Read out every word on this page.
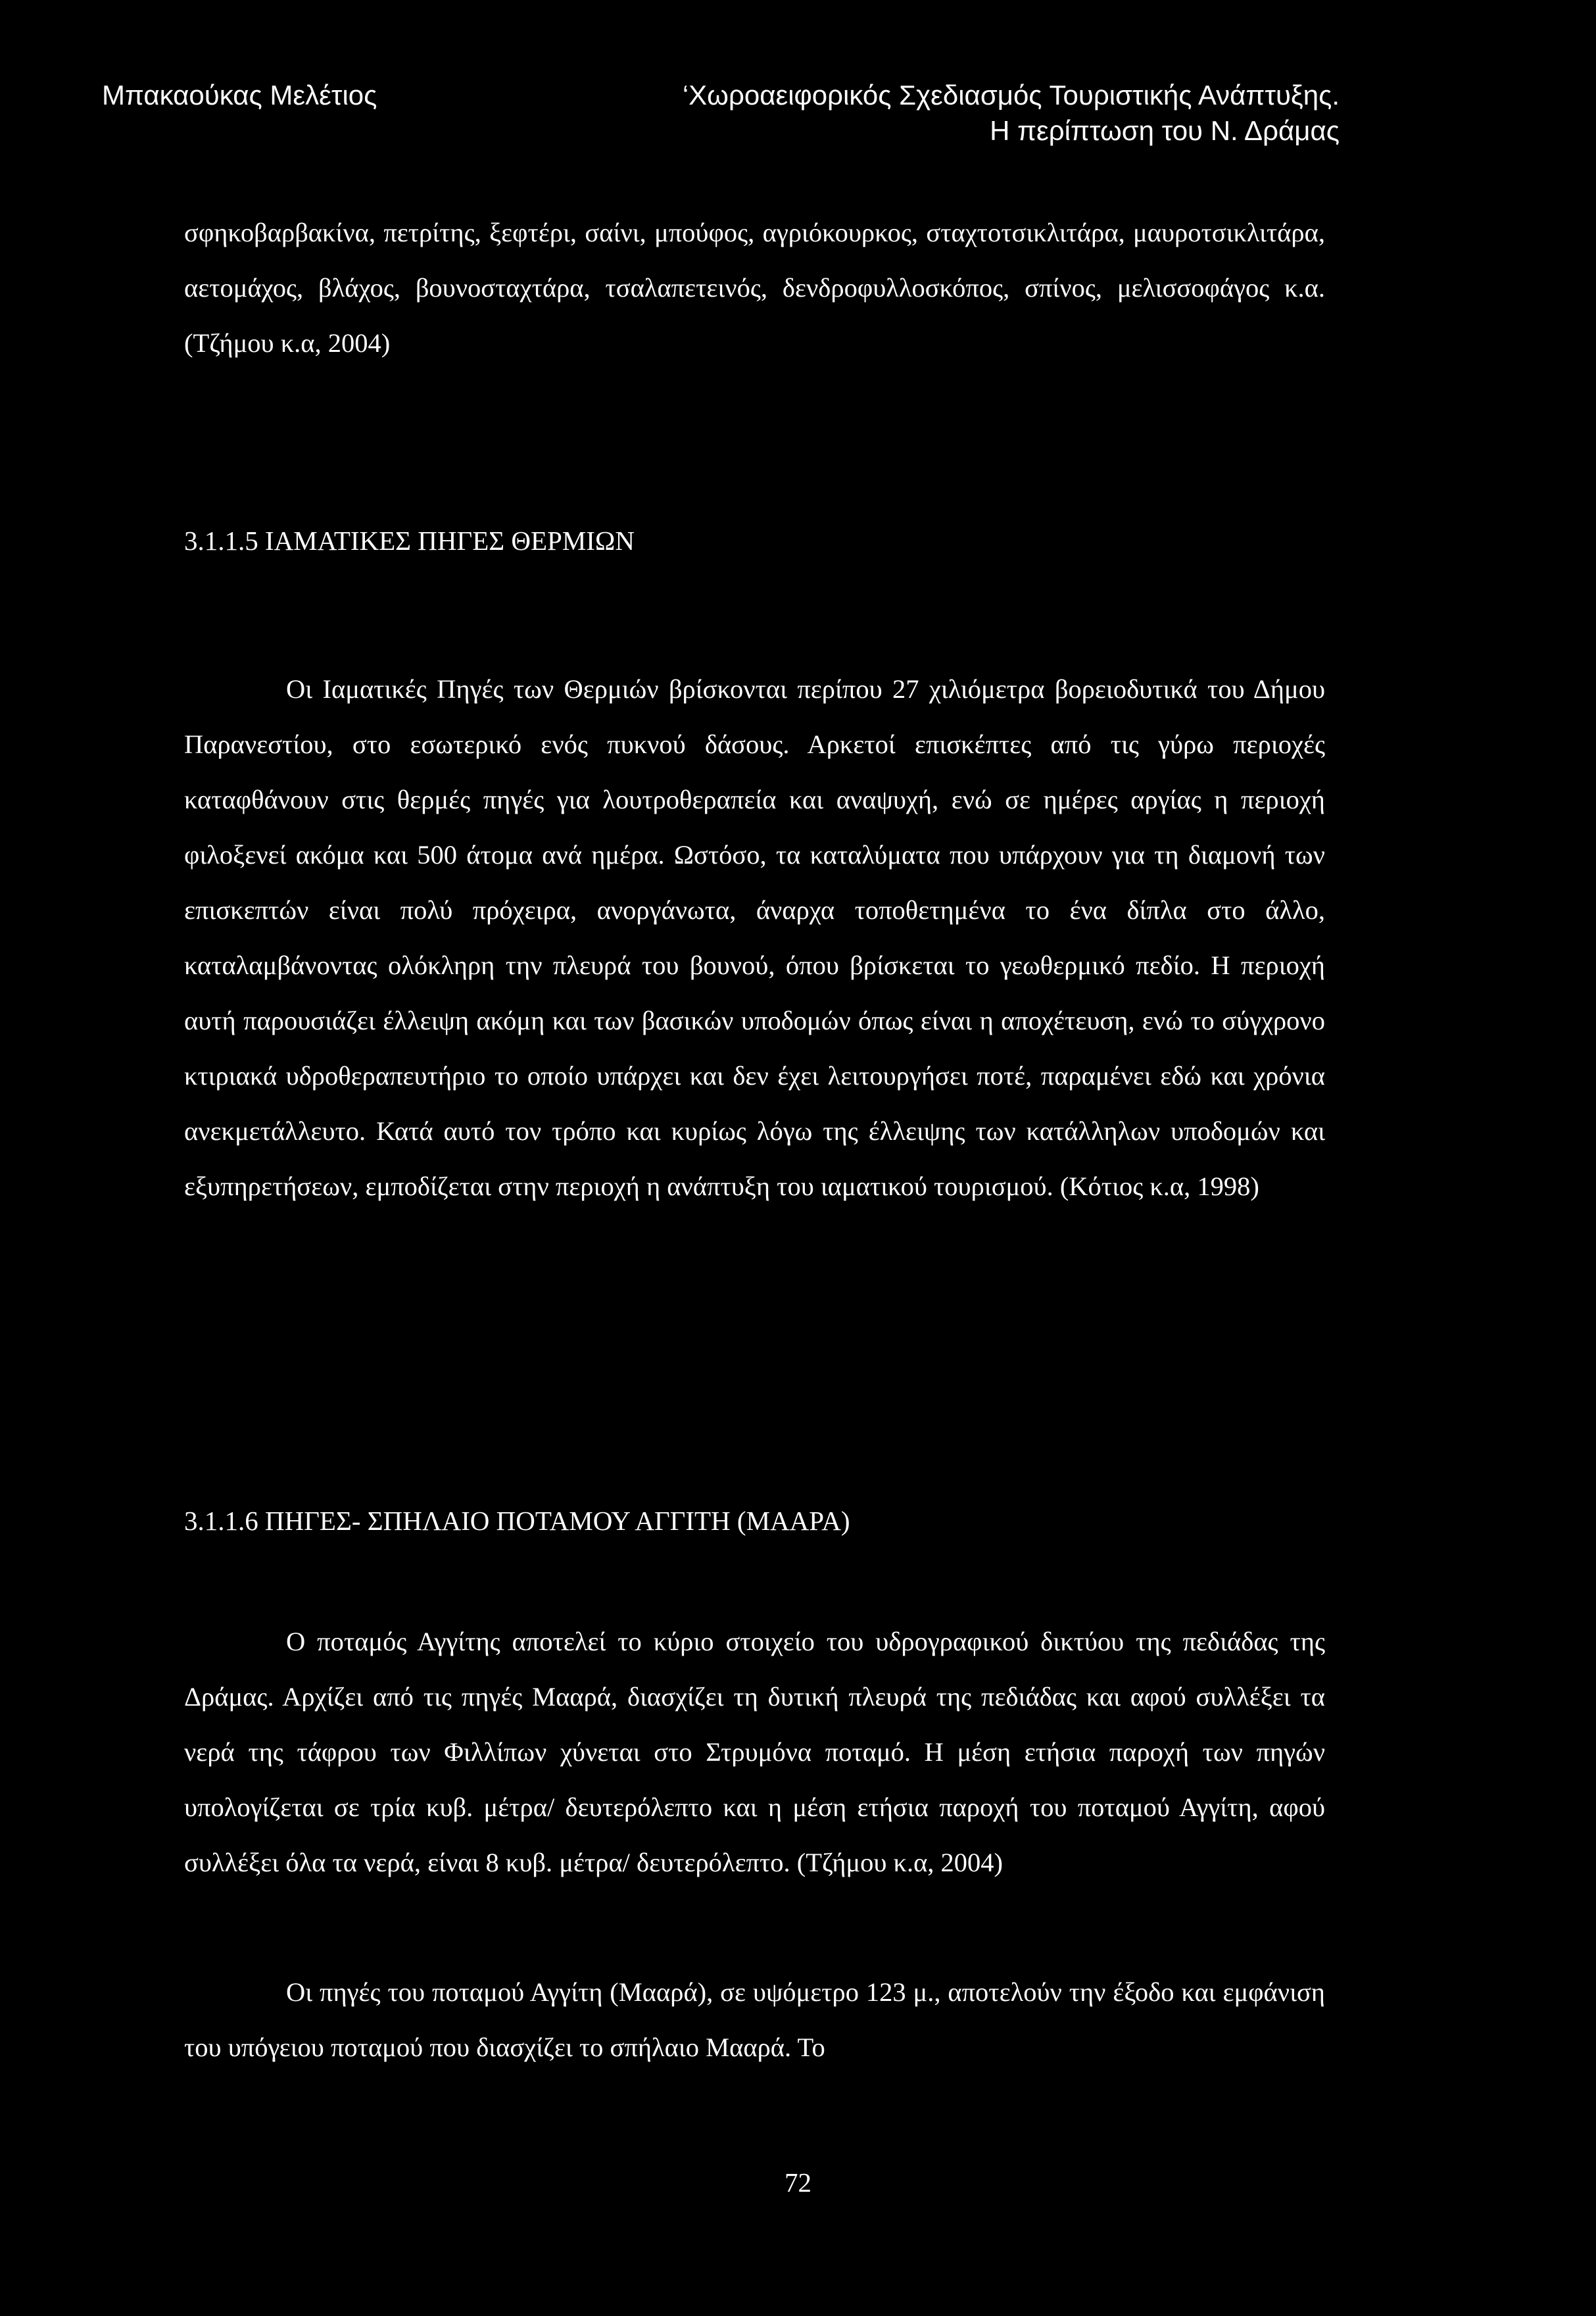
Μπακαούκας Μελέτιος	‘Χωροαειφορικός Σχεδιασμός Τουριστικής Ανάπτυξης.
Η περίπτωση του Ν. Δράμας

σφηκοβαρβακίνα, πετρίτης, ξεφτέρι, σαίνι, μπούφος, αγριόκουρκος, σταχτοτσικλιτάρα, μαυροτσικλιτάρα, αετομάχος, βλάχος, βουνοσταχτάρα, τσαλαπετεινός, δενδροφυλλοσκόπος, σπίνος, μελισσοφάγος κ.α. (Τζήμου κ.α, 2004)

3.1.1.5 ΙΑΜΑΤΙΚΕΣ ΠΗΓΕΣ ΘΕΡΜΙΩΝ

Οι Ιαματικές Πηγές των Θερμιών βρίσκονται περίπου 27 χιλιόμετρα βορειοδυτικά του Δήμου Παρανεστίου, στο εσωτερικό ενός πυκνού δάσους. Αρκετοί επισκέπτες από τις γύρω περιοχές καταφθάνουν στις θερμές πηγές για λουτροθεραπεία και αναψυχή, ενώ σε ημέρες αργίας η περιοχή φιλοξενεί ακόμα και 500 άτομα ανά ημέρα. Ωστόσο, τα καταλύματα που υπάρχουν για τη διαμονή των επισκεπτών είναι πολύ πρόχειρα, ανοργάνωτα, άναρχα τοποθετημένα το ένα δίπλα στο άλλο, καταλαμβάνοντας ολόκληρη την πλευρά του βουνού, όπου βρίσκεται το γεωθερμικό πεδίο. Η περιοχή αυτή παρουσιάζει έλλειψη ακόμη και των βασικών υποδομών όπως είναι η αποχέτευση, ενώ το σύγχρονο κτιριακά υδροθεραπευτήριο το οποίο υπάρχει και δεν έχει λειτουργήσει ποτέ, παραμένει εδώ και χρόνια ανεκμετάλλευτο. Κατά αυτό τον τρόπο και κυρίως λόγω της έλλειψης των κατάλληλων υποδομών και εξυπηρετήσεων, εμποδίζεται στην περιοχή η ανάπτυξη του ιαματικού τουρισμού. (Κότιος κ.α, 1998)

3.1.1.6 ΠΗΓΕΣ- ΣΠΗΛΑΙΟ ΠΟΤΑΜΟΥ ΑΓΓΙΤΗ (ΜΑΑΡΑ)

Ο ποταμός Αγγίτης αποτελεί το κύριο στοιχείο του υδρογραφικού δικτύου της πεδιάδας της Δράμας. Αρχίζει από τις πηγές Μααρά, διασχίζει τη δυτική πλευρά της πεδιάδας και αφού συλλέξει τα νερά της τάφρου των Φιλλίπων χύνεται στο Στρυμόνα ποταμό. Η μέση ετήσια παροχή των πηγών υπολογίζεται σε τρία κυβ. μέτρα/ δευτερόλεπτο και η μέση ετήσια παροχή του ποταμού Αγγίτη, αφού συλλέξει όλα τα νερά, είναι 8 κυβ. μέτρα/ δευτερόλεπτο. (Τζήμου κ.α, 2004)

Οι πηγές του ποταμού Αγγίτη (Μααρά), σε υψόμετρο 123 μ., αποτελούν την έξοδο και εμφάνιση του υπόγειου ποταμού που διασχίζει το σπήλαιο Μααρά. Το

72
